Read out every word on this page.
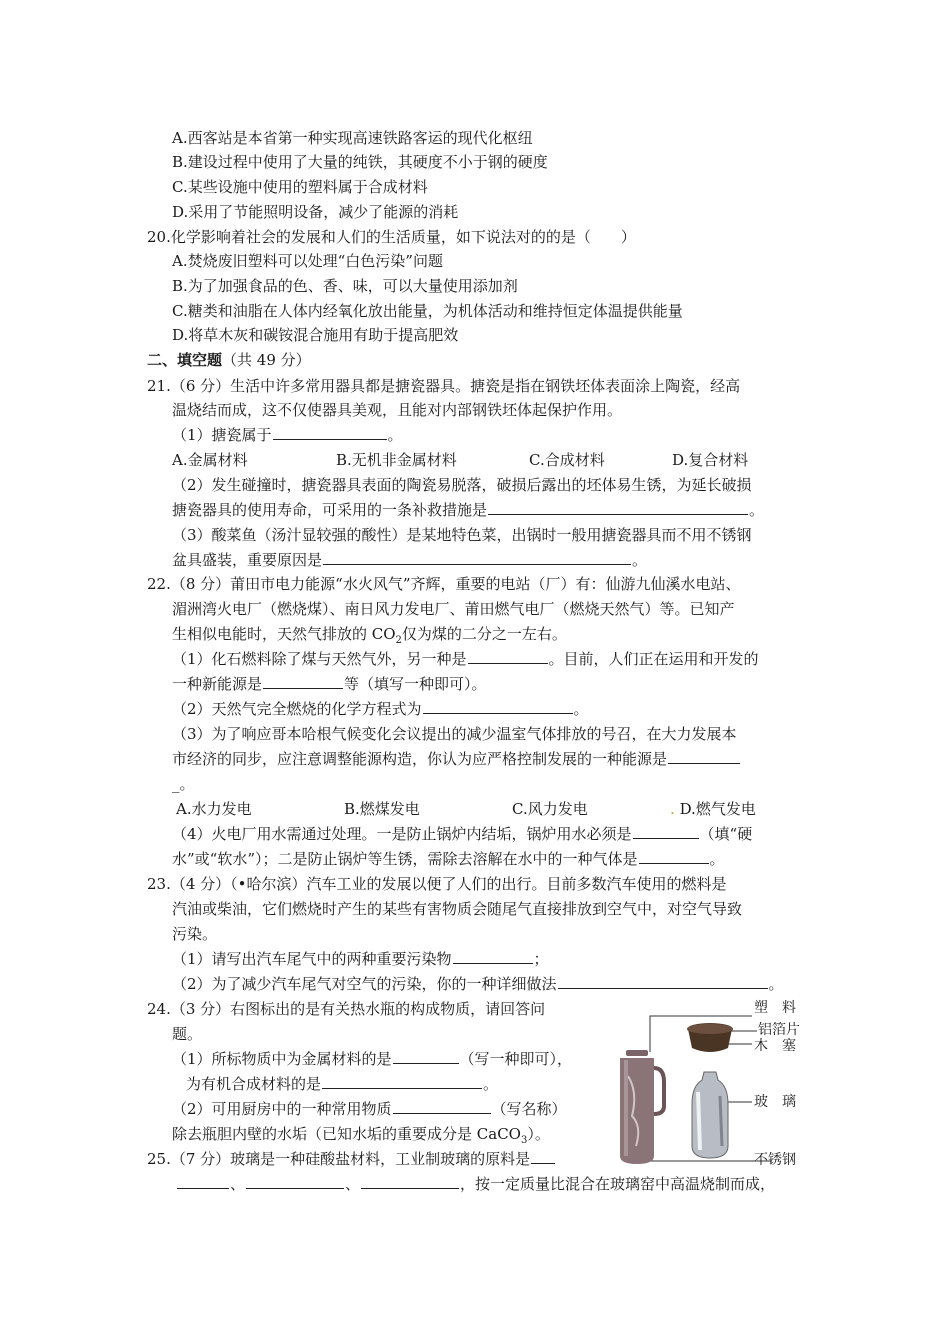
A.西客站是本省第一种实现高速铁路客运的现代化枢纽
B.建设过程中使用了大量的纯铁，其硬度不小于钢的硬度
C.某些设施中使用的塑料属于合成材料
D.采用了节能照明设备，减少了能源的消耗
20.化学影响着社会的发展和人们的生活质量，如下说法对的的是（　　）
A.焚烧废旧塑料可以处理“白色污染”问题
B.为了加强食品的色、香、味，可以大量使用添加剂
C.糖类和油脂在人体内经氧化放出能量，为机体活动和维持恒定体温提供能量
D.将草木灰和碳铵混合施用有助于提高肥效
二、填空题（共 49 分）
21.（6 分）生活中许多常用器具都是搪瓷器具。搪瓷是指在钢铁坯体表面涂上陶瓷，经高
温烧结而成，这不仅使器具美观，且能对内部钢铁坯体起保护作用。
（1）搪瓷属于	。
A.金属材料	B.无机非金属材料	C.合成材料	D.复合材料
（2）发生碰撞时，搪瓷器具表面的陶瓷易脱落，破损后露出的坯体易生锈，为延长破损
搪瓷器具的使用寿命，可采用的一条补救措施是	。
（3）酸菜鱼（汤汁显较强的酸性）是某地特色菜，出锅时一般用搪瓷器具而不用不锈钢
盆具盛装，重要原因是	。
22.（8 分）莆田市电力能源“水火风气”齐辉，重要的电站（厂）有：仙游九仙溪水电站、
湄洲湾火电厂（燃烧煤）、南日风力发电厂、莆田燃气电厂（燃烧天然气）等。已知产
生相似电能时，天然气排放的 $CO_2$仅为煤的二分之一左右。
（1）化石燃料除了煤与天然气外，另一种是	。目前，人们正在运用和开发的
一种新能源是	等（填写一种即可）。
（2）天然气完全燃烧的化学方程式为	。
（3）为了响应哥本哈根气候变化会议提出的减少温室气体排放的号召，在大力发展本
市经济的同步，应注意调整能源构造，你认为应严格控制发展的一种能源是
_。
A.水力发电	B.燃煤发电	C.风力发电	. D.燃气发电
（4）火电厂用水需通过处理。一是防止锅炉内结垢，锅炉用水必须是	（填“硬
水”或“软水”）；二是防止锅炉等生锈，需除去溶解在水中的一种气体是	。
23.（4 分）（•哈尔滨）汽车工业的发展以便了人们的出行。目前多数汽车使用的燃料是
汽油或柴油，它们燃烧时产生的某些有害物质会随尾气直接排放到空气中，对空气导致
污染。
（1）请写出汽车尾气中的两种重要污染物	；
（2）为了减少汽车尾气对空气的污染，你的一种详细做法	。
24.（3 分）右图标出的是有关热水瓶的构成物质，请回答问
题。
（1）所标物质中为金属材料的是	（写一种即可），
为有机合成材料的是	。
（2）可用厨房中的一种常用物质	（写名称）
除去瓶胆内壁的水垢（已知水垢的重要成分是 CaCO$_3$）。
25.（7 分）玻璃是一种硅酸盐材料，工业制玻璃的原料是
、	、	，按一定质量比混合在玻璃窑中高温烧制而成，
塑　料
铝箔片
木　塞
玻　璃
不锈钢
